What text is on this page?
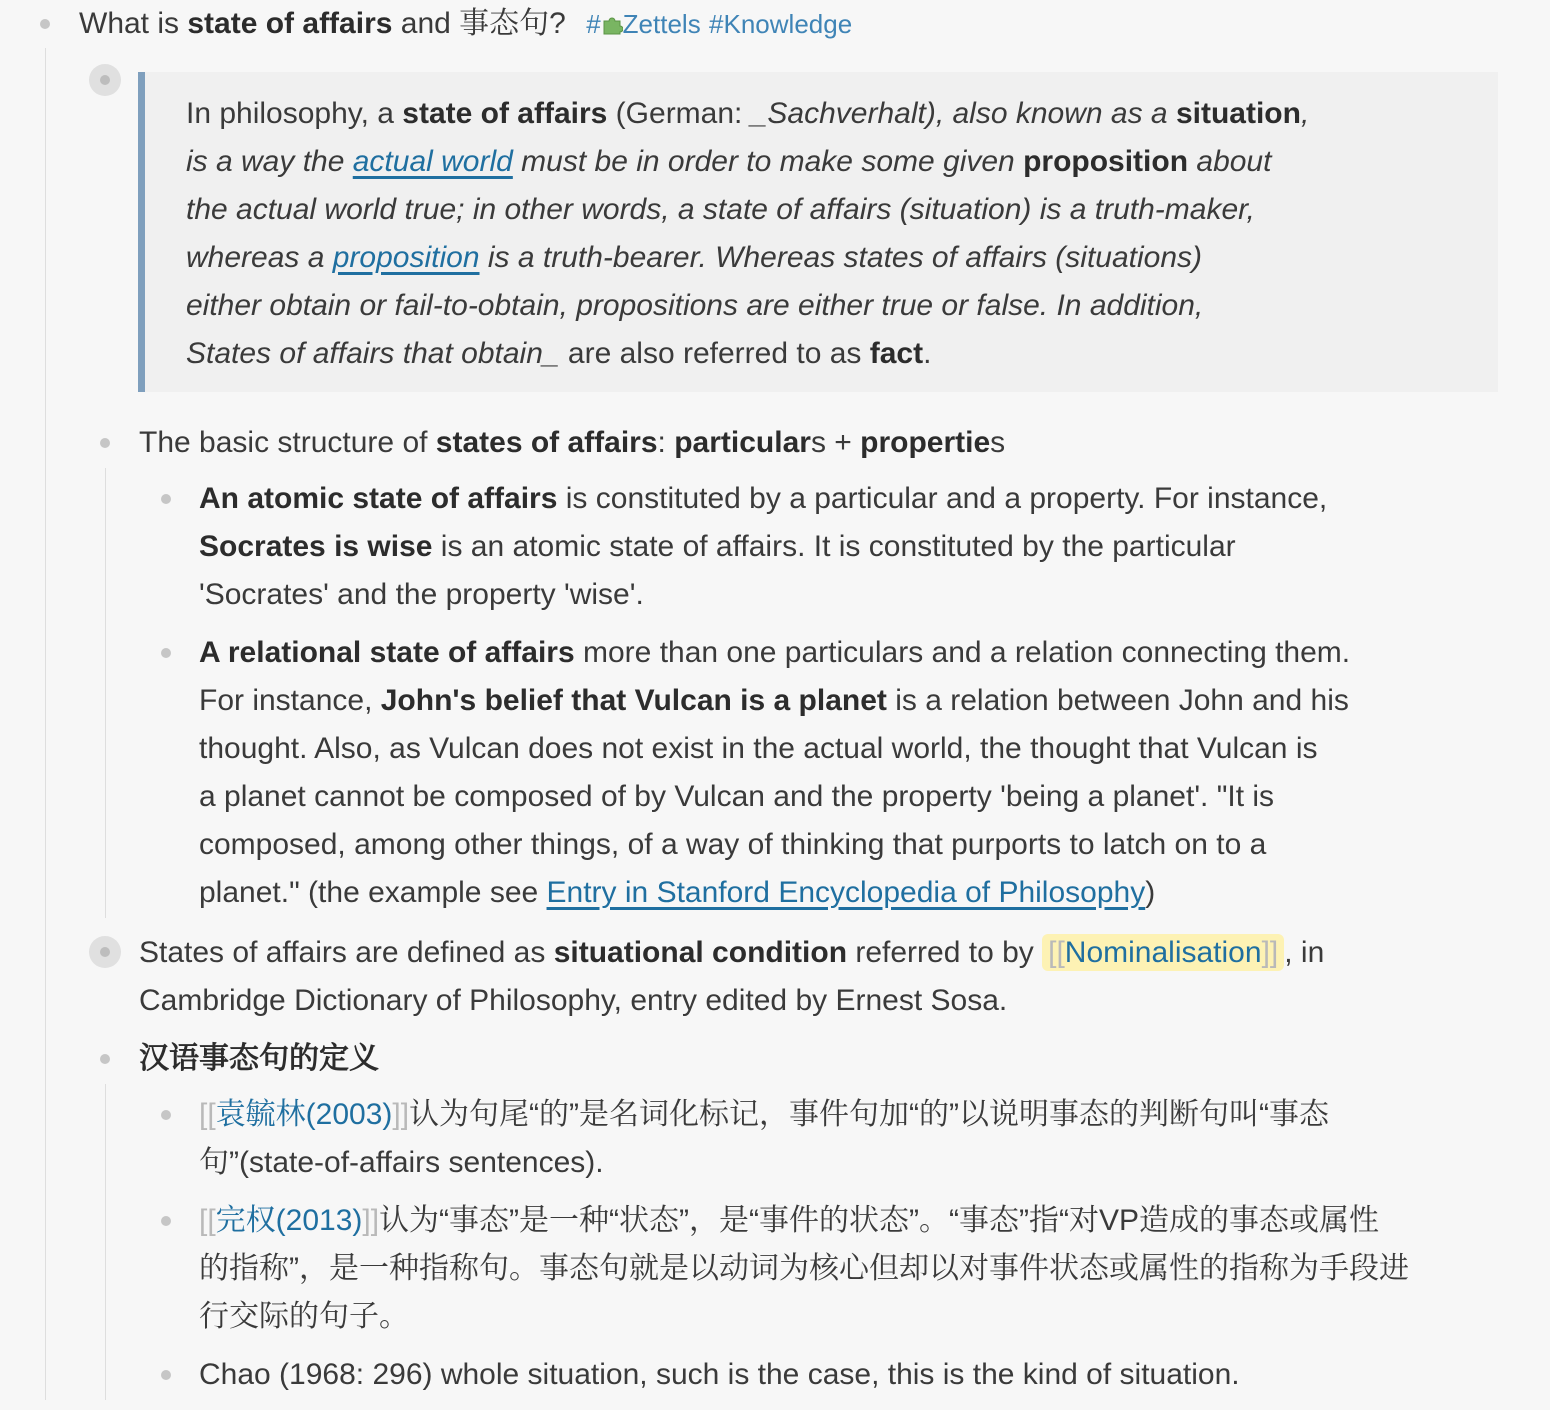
What is state of affairs and 事态句? # Zettels #Knowledge
In philosophy, a state of affairs (German: _Sachverhalt), also known as a situation,
is a way the actual world must be in order to make some given proposition about
the actual world true; in other words, a state of affairs (situation) is a truth-maker,
whereas a proposition is a truth-bearer. Whereas states of affairs (situations)
either obtain or fail-to-obtain, propositions are either true or false. In addition,
States of affairs that obtain_ are also referred to as fact.
The basic structure of states of affairs: particulars + properties
An atomic state of affairs is constituted by a particular and a property. For instance,
Socrates is wise is an atomic state of affairs. It is constituted by the particular
'Socrates' and the property 'wise'.
A relational state of affairs more than one particulars and a relation connecting them.
For instance, John's belief that Vulcan is a planet is a relation between John and his
thought. Also, as Vulcan does not exist in the actual world, the thought that Vulcan is
a planet cannot be composed of by Vulcan and the property 'being a planet'. "It is
composed, among other things, of a way of thinking that purports to latch on to a
planet." (the example see Entry in Stanford Encyclopedia of Philosophy)
States of affairs are defined as situational condition referred to by [[Nominalisation]] , in
Cambridge Dictionary of Philosophy, entry edited by Ernest Sosa.
汉语事态句的定义
[[袁毓林(2003)]]认为句尾“的”是名词化标记，事件句加“的”以说明事态的判断句叫“事态
句”(state-of-affairs sentences).
[[完权(2013)]]认为“事态”是一种“状态”，是“事件的状态”。“事态”指“对VP造成的事态或属性
的指称”，是一种指称句。事态句就是以动词为核心但却以对事件状态或属性的指称为手段进
行交际的句子。
Chao (1968: 296) whole situation, such is the case, this is the kind of situation.
